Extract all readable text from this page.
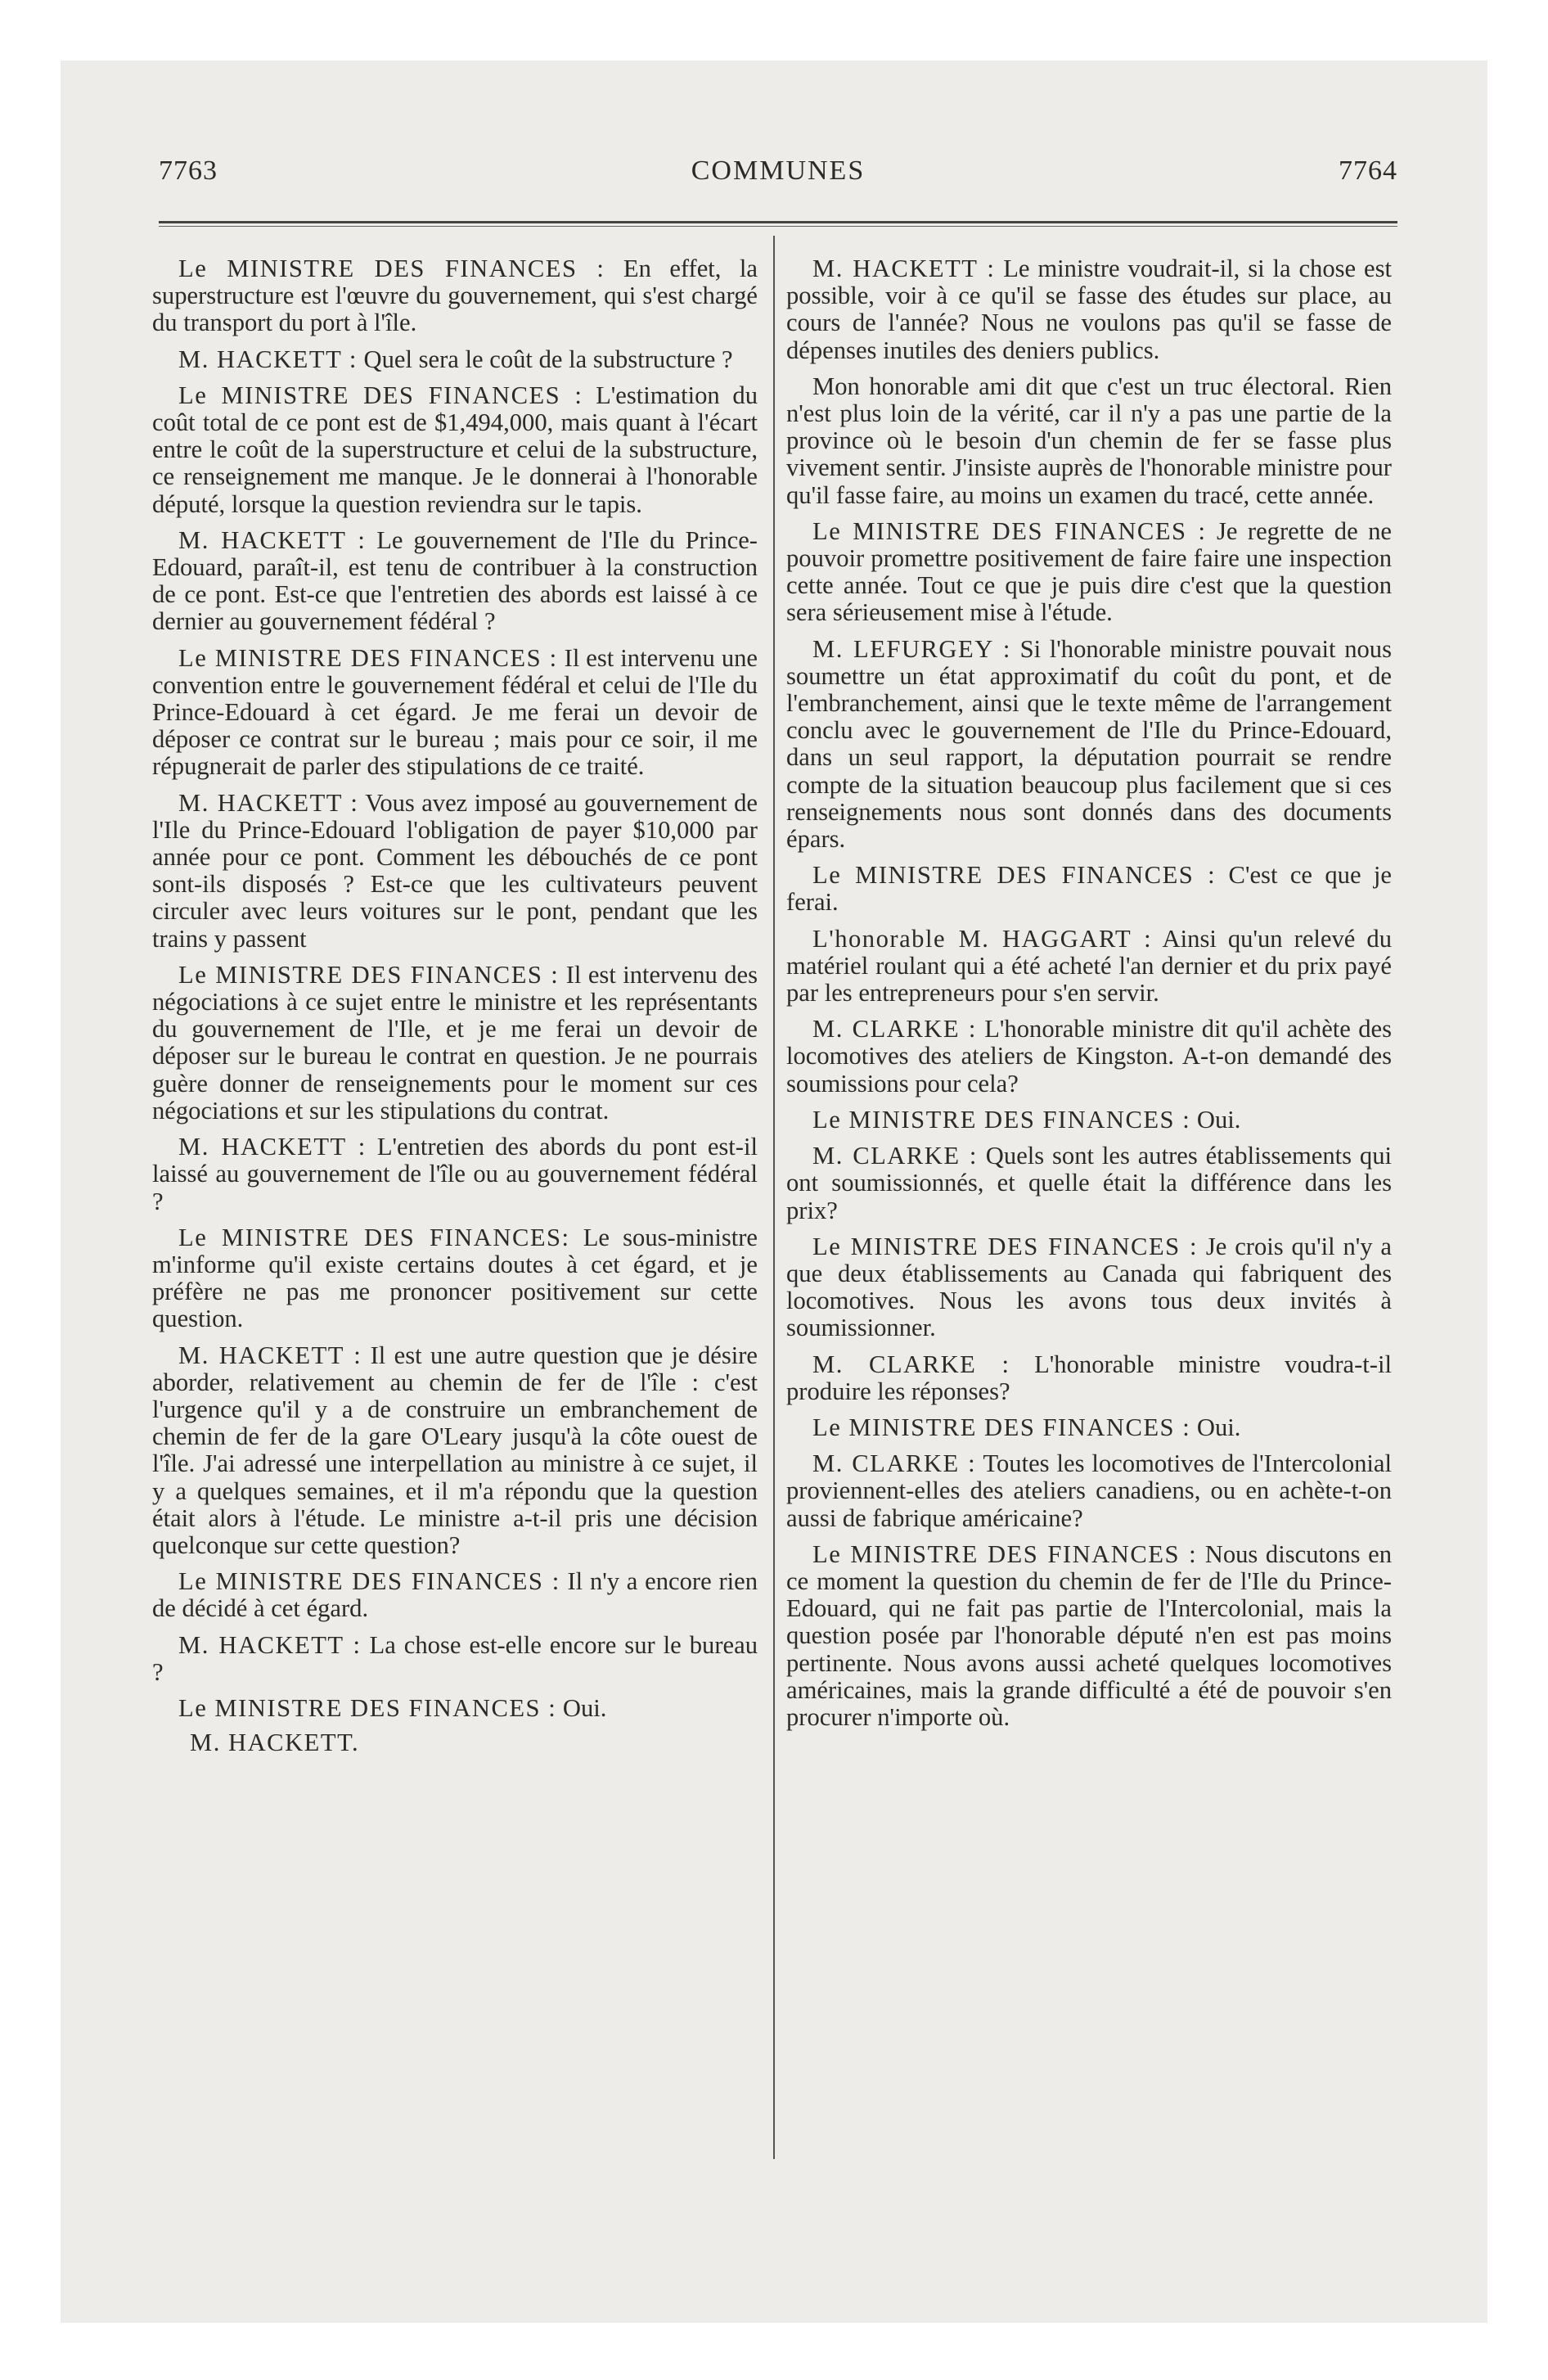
7763	COMMUNES	7764

Le MINISTRE DES FINANCES : En effet, la superstructure est l'œuvre du gouvernement, qui s'est chargé du transport du port à l'île.

M. HACKETT : Quel sera le coût de la substructure ?

Le MINISTRE DES FINANCES : L'estimation du coût total de ce pont est de $1,494,000, mais quant à l'écart entre le coût de la superstructure et celui de la substructure, ce renseignement me manque. Je le donnerai à l'honorable député, lorsque la question reviendra sur le tapis.

M. HACKETT : Le gouvernement de l'Ile du Prince-Edouard, paraît-il, est tenu de contribuer à la construction de ce pont. Est-ce que l'entretien des abords est laissé à ce dernier au gouvernement fédéral ?

Le MINISTRE DES FINANCES : Il est intervenu une convention entre le gouvernement fédéral et celui de l'Ile du Prince-Edouard à cet égard. Je me ferai un devoir de déposer ce contrat sur le bureau ; mais pour ce soir, il me répugnerait de parler des stipulations de ce traité.

M. HACKETT : Vous avez imposé au gouvernement de l'Ile du Prince-Edouard l'obligation de payer $10,000 par année pour ce pont. Comment les débouchés de ce pont sont-ils disposés ? Est-ce que les cultivateurs peuvent circuler avec leurs voitures sur le pont, pendant que les trains y passent

Le MINISTRE DES FINANCES : Il est intervenu des négociations à ce sujet entre le ministre et les représentants du gouvernement de l'Ile, et je me ferai un devoir de déposer sur le bureau le contrat en question. Je ne pourrais guère donner de renseignements pour le moment sur ces négociations et sur les stipulations du contrat.

M. HACKETT : L'entretien des abords du pont est-il laissé au gouvernement de l'île ou au gouvernement fédéral ?

Le MINISTRE DES FINANCES: Le sous-ministre m'informe qu'il existe certains doutes à cet égard, et je préfère ne pas me prononcer positivement sur cette question.

M. HACKETT : Il est une autre question que je désire aborder, relativement au chemin de fer de l'île : c'est l'urgence qu'il y a de construire un embranchement de chemin de fer de la gare O'Leary jusqu'à la côte ouest de l'île. J'ai adressé une interpellation au ministre à ce sujet, il y a quelques semaines, et il m'a répondu que la question était alors à l'étude. Le ministre a-t-il pris une décision quelconque sur cette question?

Le MINISTRE DES FINANCES : Il n'y a encore rien de décidé à cet égard.

M. HACKETT : La chose est-elle encore sur le bureau ?

Le MINISTRE DES FINANCES : Oui.

M. HACKETT.

M. HACKETT : Le ministre voudrait-il, si la chose est possible, voir à ce qu'il se fasse des études sur place, au cours de l'année? Nous ne voulons pas qu'il se fasse de dépenses inutiles des deniers publics.

Mon honorable ami dit que c'est un truc électoral. Rien n'est plus loin de la vérité, car il n'y a pas une partie de la province où le besoin d'un chemin de fer se fasse plus vivement sentir. J'insiste auprès de l'honorable ministre pour qu'il fasse faire, au moins un examen du tracé, cette année.

Le MINISTRE DES FINANCES : Je regrette de ne pouvoir promettre positivement de faire faire une inspection cette année. Tout ce que je puis dire c'est que la question sera sérieusement mise à l'étude.

M. LEFURGEY : Si l'honorable ministre pouvait nous soumettre un état approximatif du coût du pont, et de l'embranchement, ainsi que le texte même de l'arrangement conclu avec le gouvernement de l'Ile du Prince-Edouard, dans un seul rapport, la députation pourrait se rendre compte de la situation beaucoup plus facilement que si ces renseignements nous sont donnés dans des documents épars.

Le MINISTRE DES FINANCES : C'est ce que je ferai.

L'honorable M. HAGGART : Ainsi qu'un relevé du matériel roulant qui a été acheté l'an dernier et du prix payé par les entrepreneurs pour s'en servir.

M. CLARKE : L'honorable ministre dit qu'il achète des locomotives des ateliers de Kingston. A-t-on demandé des soumissions pour cela?

Le MINISTRE DES FINANCES : Oui.

M. CLARKE : Quels sont les autres établissements qui ont soumissionnés, et quelle était la différence dans les prix?

Le MINISTRE DES FINANCES : Je crois qu'il n'y a que deux établissements au Canada qui fabriquent des locomotives. Nous les avons tous deux invités à soumissionner.

M. CLARKE : L'honorable ministre voudra-t-il produire les réponses?

Le MINISTRE DES FINANCES : Oui.

M. CLARKE : Toutes les locomotives de l'Intercolonial proviennent-elles des ateliers canadiens, ou en achète-t-on aussi de fabrique américaine?

Le MINISTRE DES FINANCES : Nous discutons en ce moment la question du chemin de fer de l'Ile du Prince-Edouard, qui ne fait pas partie de l'Intercolonial, mais la question posée par l'honorable député n'en est pas moins pertinente. Nous avons aussi acheté quelques locomotives américaines, mais la grande difficulté a été de pouvoir s'en procurer n'importe où.
